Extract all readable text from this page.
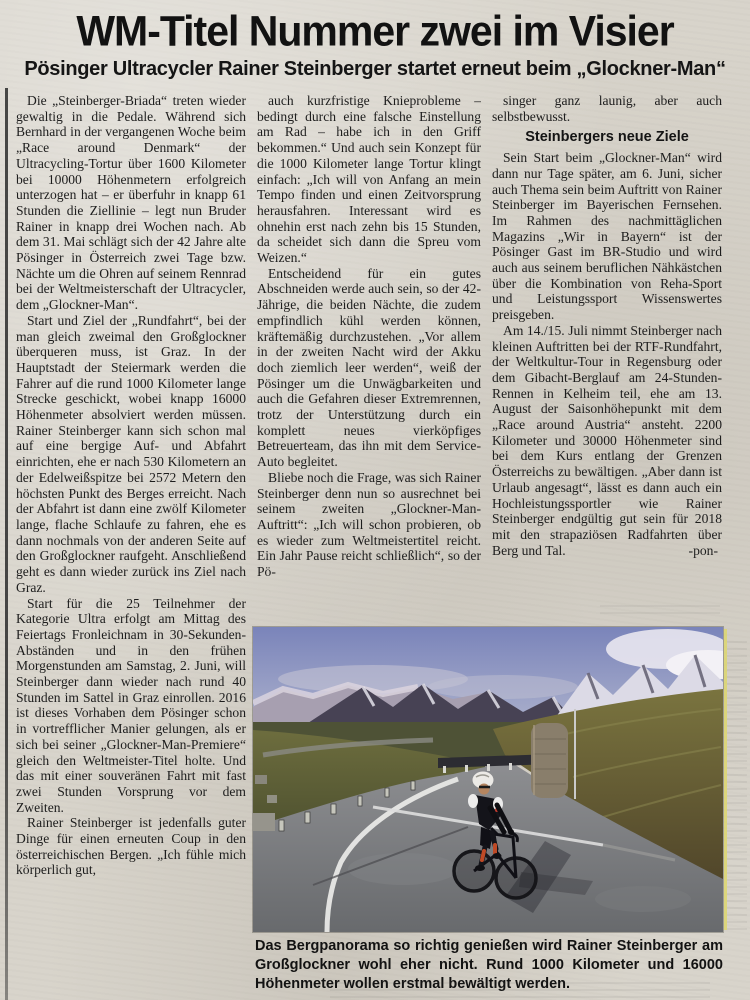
WM-Titel Nummer zwei im Visier
Pösinger Ultracycler Rainer Steinberger startet erneut beim „Glockner-Man“

Die „Steinberger-Briada“ treten wieder gewaltig in die Pedale. Während sich Bernhard in der vergangenen Woche beim „Race around Denmark“ der Ultracycling-Tortur über 1600 Kilometer bei 10000 Höhenmetern erfolgreich unterzogen hat – er überfuhr in knapp 61 Stunden die Ziellinie – legt nun Bruder Rainer in knapp drei Wochen nach. Ab dem 31. Mai schlägt sich der 42 Jahre alte Pösinger in Österreich zwei Tage bzw. Nächte um die Ohren auf seinem Rennrad bei der Weltmeisterschaft der Ultracycler, dem „Glockner-Man“.

Start und Ziel der „Rundfahrt“, bei der man gleich zweimal den Großglockner überqueren muss, ist Graz. In der Hauptstadt der Steiermark werden die Fahrer auf die rund 1000 Kilometer lange Strecke geschickt, wobei knapp 16000 Höhenmeter absolviert werden müssen. Rainer Steinberger kann sich schon mal auf eine bergige Auf- und Abfahrt einrichten, ehe er nach 530 Kilometern an der Edelweißspitze bei 2572 Metern den höchsten Punkt des Berges erreicht. Nach der Abfahrt ist dann eine zwölf Kilometer lange, flache Schlaufe zu fahren, ehe es dann nochmals von der anderen Seite auf den Großglockner raufgeht. Anschließend geht es dann wieder zurück ins Ziel nach Graz.

Start für die 25 Teilnehmer der Kategorie Ultra erfolgt am Mittag des Feiertags Fronleichnam in 30-Sekunden-Abständen und in den frühen Morgenstunden am Samstag, 2. Juni, will Steinberger dann wieder nach rund 40 Stunden im Sattel in Graz einrollen. 2016 ist dieses Vorhaben dem Pösinger schon in vortrefflicher Manier gelungen, als er sich bei seiner „Glockner-Man-Premiere“ gleich den Weltmeister-Titel holte. Und das mit einer souveränen Fahrt mit fast zwei Stunden Vorsprung vor dem Zweiten.

Rainer Steinberger ist jedenfalls guter Dinge für einen erneuten Coup in den österreichischen Bergen. „Ich fühle mich körperlich gut,

auch kurzfristige Knieprobleme – bedingt durch eine falsche Einstellung am Rad – habe ich in den Griff bekommen.“ Und auch sein Konzept für die 1000 Kilometer lange Tortur klingt einfach: „Ich will von Anfang an mein Tempo finden und einen Zeitvorsprung herausfahren. Interessant wird es ohnehin erst nach zehn bis 15 Stunden, da scheidet sich dann die Spreu vom Weizen.“

Entscheidend für ein gutes Abschneiden werde auch sein, so der 42-Jährige, die beiden Nächte, die zudem empfindlich kühl werden können, kräftemäßig durchzustehen. „Vor allem in der zweiten Nacht wird der Akku doch ziemlich leer werden“, weiß der Pösinger um die Unwägbarkeiten und auch die Gefahren dieser Extremrennen, trotz der Unterstützung durch ein komplett neues vierköpfiges Betreuerteam, das ihn mit dem Service-Auto begleitet.

Bliebe noch die Frage, was sich Rainer Steinberger denn nun so ausrechnet bei seinem zweiten „Glockner-Man-Auftritt“: „Ich will schon probieren, ob es wieder zum Weltmeistertitel reicht. Ein Jahr Pause reicht schließlich“, so der Pö-

singer ganz launig, aber auch selbstbewusst.

Steinbergers neue Ziele

Sein Start beim „Glockner-Man“ wird dann nur Tage später, am 6. Juni, sicher auch Thema sein beim Auftritt von Rainer Steinberger im Bayerischen Fernsehen. Im Rahmen des nachmittäglichen Magazins „Wir in Bayern“ ist der Pösinger Gast im BR-Studio und wird auch aus seinem beruflichen Nähkästchen über die Kombination von Reha-Sport und Leistungssport Wissenswertes preisgeben.

Am 14./15. Juli nimmt Steinberger nach kleinen Auftritten bei der RTF-Rundfahrt, der Weltkultur-Tour in Regensburg oder dem Gibacht-Berglauf am 24-Stunden-Rennen in Kelheim teil, ehe am 13. August der Saisonhöhepunkt mit dem „Race around Austria“ ansteht. 2200 Kilometer und 30000 Höhenmeter sind bei dem Kurs entlang der Grenzen Österreichs zu bewältigen. „Aber dann ist Urlaub angesagt“, lässt es dann auch ein Hochleistungssportler wie Rainer Steinberger endgültig gut sein für 2018 mit den strapaziösen Radfahrten über Berg und Tal.	-pon-
Das Bergpanorama so richtig genießen wird Rainer Steinberger am Großglockner wohl eher nicht. Rund 1000 Kilometer und 16000 Höhenmeter wollen erstmal bewältigt werden.
